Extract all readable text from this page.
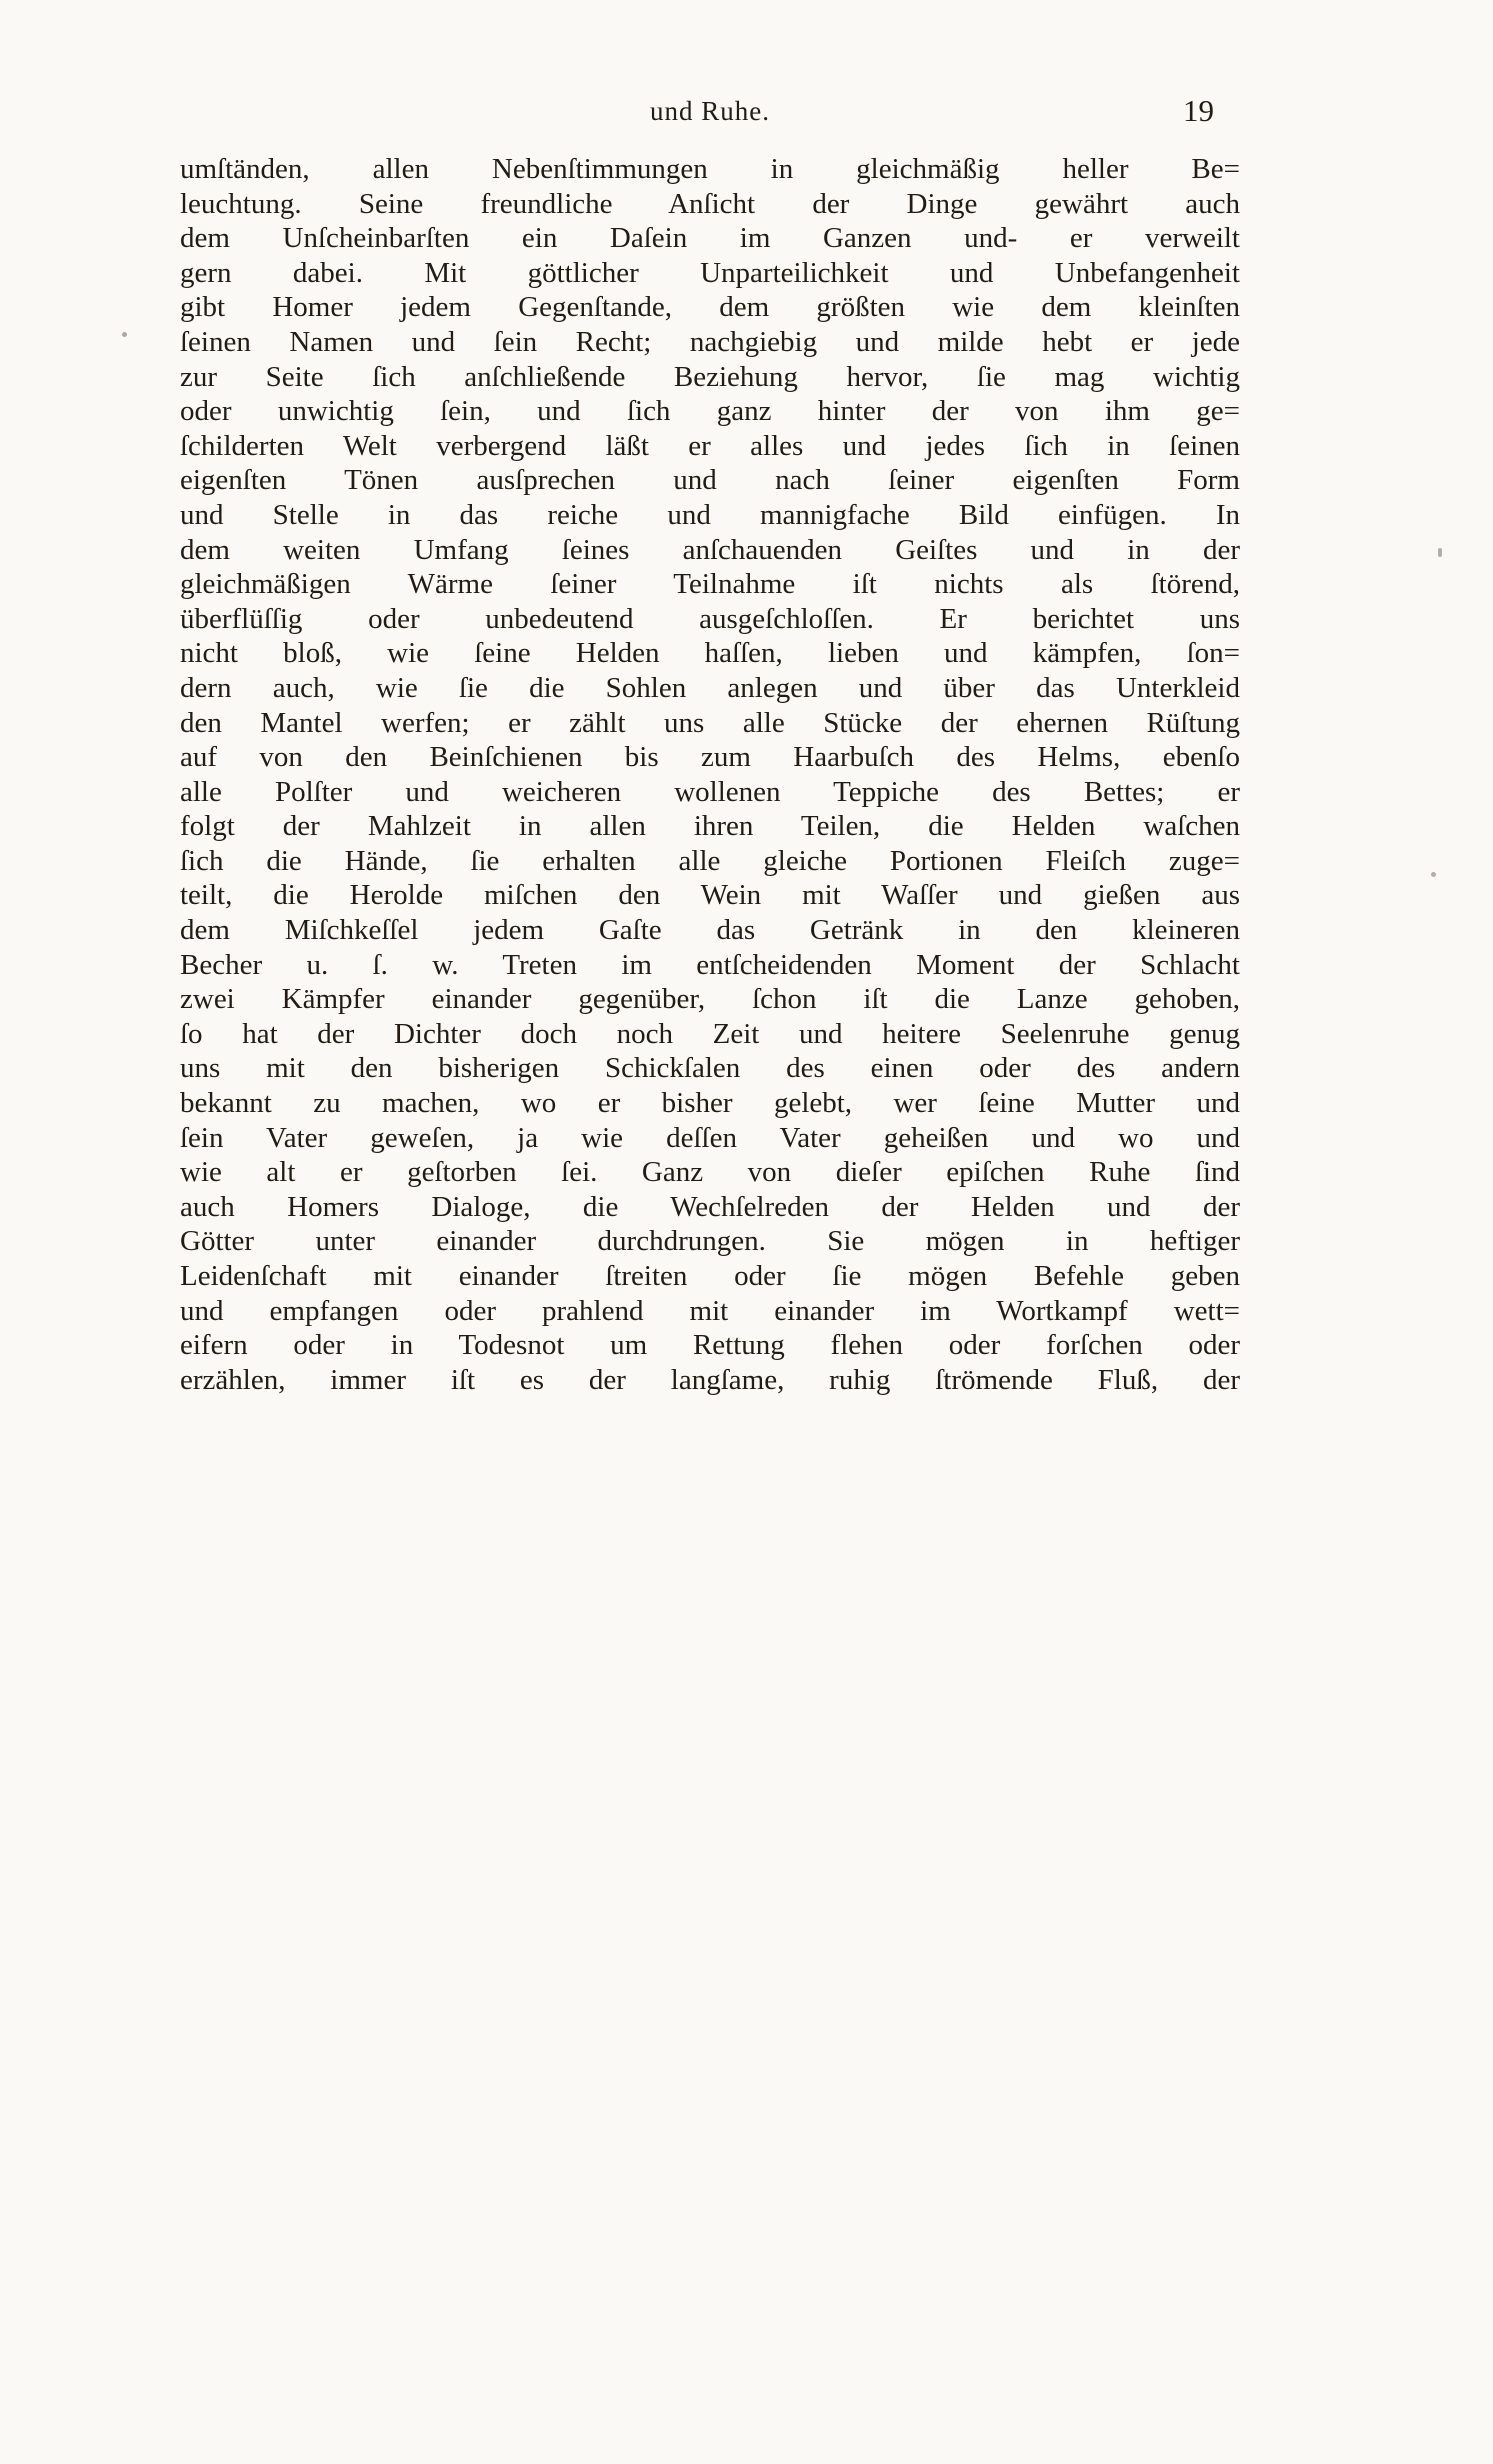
und Ruhe.	19
umſtänden, allen Nebenſtimmungen in gleichmäßig heller Be=
leuchtung. Seine freundliche Anſicht der Dinge gewährt auch
dem Unſcheinbarſten ein Daſein im Ganzen und- er verweilt
gern dabei. Mit göttlicher Unparteilichkeit und Unbefangenheit
gibt Homer jedem Gegenſtande, dem größten wie dem kleinſten
ſeinen Namen und ſein Recht; nachgiebig und milde hebt er jede
zur Seite ſich anſchließende Beziehung hervor, ſie mag wichtig
oder unwichtig ſein, und ſich ganz hinter der von ihm ge=
ſchilderten Welt verbergend läßt er alles und jedes ſich in ſeinen
eigenſten Tönen ausſprechen und nach ſeiner eigenſten Form
und Stelle in das reiche und mannigfache Bild einfügen. In
dem weiten Umfang ſeines anſchauenden Geiſtes und in der
gleichmäßigen Wärme ſeiner Teilnahme iſt nichts als ſtörend,
überflüſſig oder unbedeutend ausgeſchloſſen. Er berichtet uns
nicht bloß, wie ſeine Helden haſſen, lieben und kämpfen, ſon=
dern auch, wie ſie die Sohlen anlegen und über das Unterkleid
den Mantel werfen; er zählt uns alle Stücke der ehernen Rüſtung
auf von den Beinſchienen bis zum Haarbuſch des Helms, ebenſo
alle Polſter und weicheren wollenen Teppiche des Bettes; er
folgt der Mahlzeit in allen ihren Teilen, die Helden waſchen
ſich die Hände, ſie erhalten alle gleiche Portionen Fleiſch zuge=
teilt, die Herolde miſchen den Wein mit Waſſer und gießen aus
dem Miſchkeſſel jedem Gaſte das Getränk in den kleineren
Becher u. ſ. w. Treten im entſcheidenden Moment der Schlacht
zwei Kämpfer einander gegenüber, ſchon iſt die Lanze gehoben,
ſo hat der Dichter doch noch Zeit und heitere Seelenruhe genug
uns mit den bisherigen Schickſalen des einen oder des andern
bekannt zu machen, wo er bisher gelebt, wer ſeine Mutter und
ſein Vater geweſen, ja wie deſſen Vater geheißen und wo und
wie alt er geſtorben ſei. Ganz von dieſer epiſchen Ruhe ſind
auch Homers Dialoge, die Wechſelreden der Helden und der
Götter unter einander durchdrungen. Sie mögen in heftiger
Leidenſchaft mit einander ſtreiten oder ſie mögen Befehle geben
und empfangen oder prahlend mit einander im Wortkampf wett=
eifern oder in Todesnot um Rettung flehen oder forſchen oder
erzählen, immer iſt es der langſame, ruhig ſtrömende Fluß, der
